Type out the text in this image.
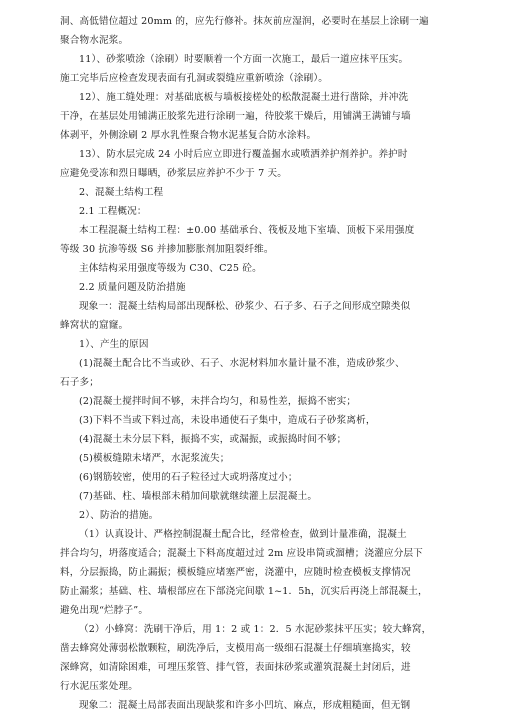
洞、高低错位超过 20mm 的，应先行修补。抹灰前应湿润，必要时在基层上涂刷一遍
聚合物水泥浆。
11）、砂浆喷涂（涂刷）时要顺着一个方面一次施工，最后一道应抹平压实。
施工完毕后应检查发现表面有孔洞或裂缝应重新喷涂（涂刷）。
12）、施工缝处理：对基础底板与墙板接槎处的松散混凝土进行凿除，并冲洗
干净，在基层处用铺满正胶浆先进行涂刷一遍，待胶浆干燥后，用铺满王满铺与墙
体剥平，外侧涂刷 2 厚水乳性聚合物水泥基复合防水涂料。
13）、防水层完成 24 小时后应立即进行覆盖掘水或喷洒养护剂养护。养护时
应避免受冻和烈日曝晒，砂浆层应养护不少于 7 天。
2、混凝土结构工程
2.1 工程概况：
本工程混凝土结构工程：±0.00 基础承台、筏板及地下室墙、顶板下采用强度
等级 30 抗渗等级 S6 并掺加膨胀剂加阻裂纤维。
主体结构采用强度等级为 C30、C25 砼。
2.2 质量问题及防治措施
现象一：混凝土结构局部出现酥松、砂浆少、石子多、石子之间形成空隙类似
蜂窝状的窟窿。
1）、产生的原因
(1)混凝土配合比不当或砂、石子、水泥材料加水量计量不准，造成砂浆少、
石子多；
(2)混凝土搅拌时间不够，未拌合均匀，和易性差，振捣不密实；
(3)下料不当或下料过高，未设串通使石子集中，造成石子砂浆离析，
(4)混凝土未分层下料，振捣不实，或漏振，或振捣时间不够；
(5)模板缝隙未堵严，水泥浆流失；
(6)钢筋较密，使用的石子粒径过大或坍落度过小；
(7)基础、柱、墙根部未稍加间歇就继续灌上层混凝土。
2）、防治的措施。
（1）认真设计、严格控制混凝土配合比，经常检查，做到计量准确，混凝土
拌合均匀，坍落度适合；混凝土下料高度超过过 2m 应设串筒或溜槽；浇灌应分层下
料，分层振捣，防止漏振；模板缝应堵塞严密，浇灌中，应随时检查模板支撑情况
防止漏浆；基础、柱、墙根部应在下部浇完间歇 1~1．5h，沉实后再浇上部混凝土，
避免出现“烂脖子”。
（2）小蜂窝：洗刷干净后，用 1：2 或 1：2．5 水泥砂浆抹平压实；较大蜂窝，
凿去蜂窝处薄弱松散颗粒，刷洗净后，支模用高一级细石混凝土仔细填塞捣实，较
深蜂窝，如清除困难，可埋压浆管、排气管，表面抹砂浆或灌筑混凝土封闭后，进
行水泥压浆处理。
现象二：混凝土局部表面出现缺浆和许多小凹坑、麻点，形成粗糙面，但无钢
